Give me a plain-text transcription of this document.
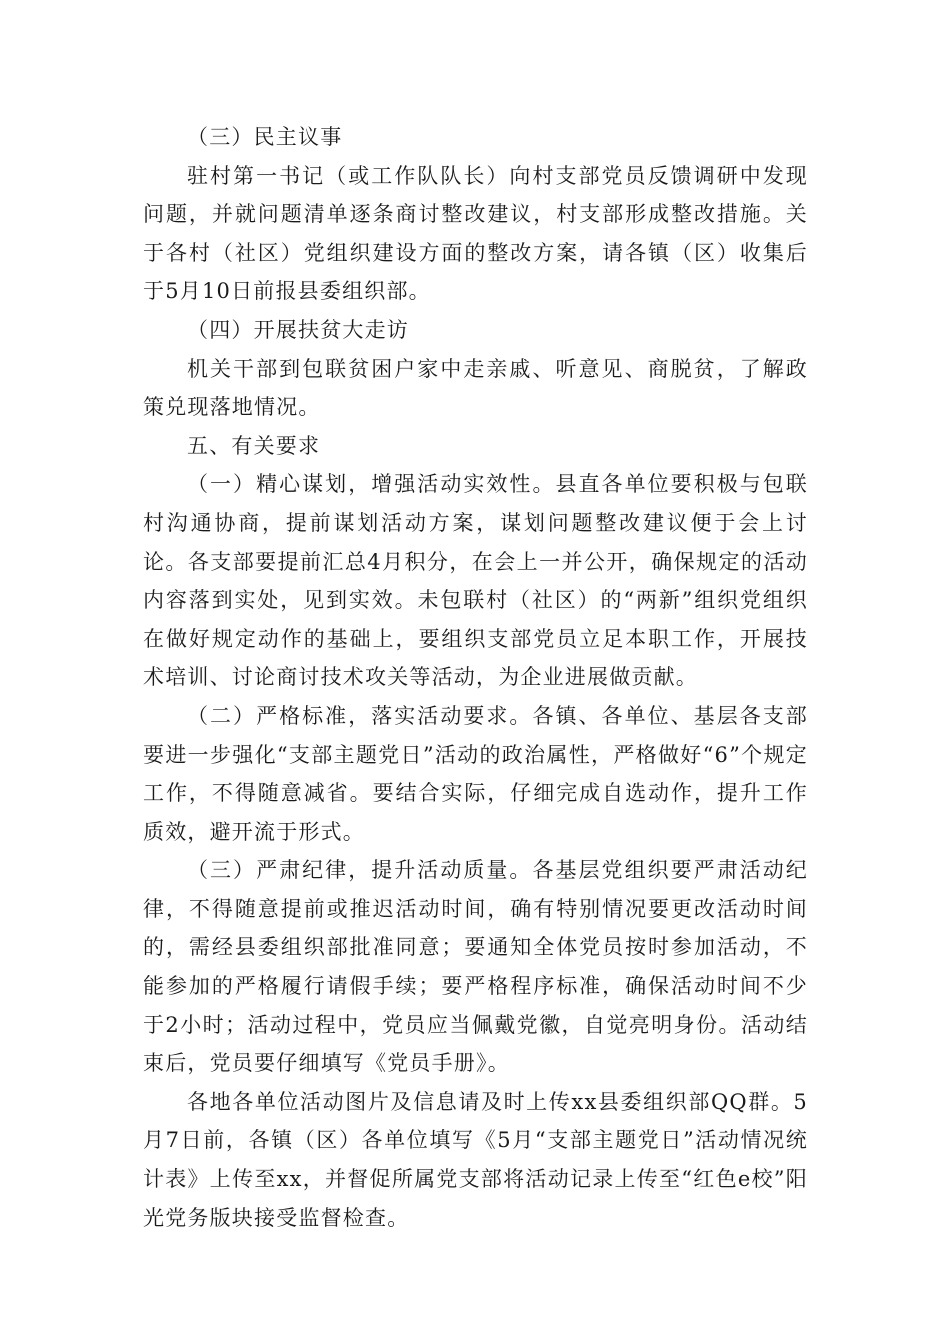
（三）民主议事

驻村第一书记（或工作队队长）向村支部党员反馈调研中发现问题，并就问题清单逐条商讨整改建议，村支部形成整改措施。关于各村（社区）党组织建设方面的整改方案，请各镇（区）收集后于5月10日前报县委组织部。

（四）开展扶贫大走访

机关干部到包联贫困户家中走亲戚、听意见、商脱贫，了解政策兑现落地情况。

五、有关要求

（一）精心谋划，增强活动实效性。县直各单位要积极与包联村沟通协商，提前谋划活动方案，谋划问题整改建议便于会上讨论。各支部要提前汇总4月积分，在会上一并公开，确保规定的活动内容落到实处，见到实效。未包联村（社区）的“两新”组织党组织在做好规定动作的基础上，要组织支部党员立足本职工作，开展技术培训、讨论商讨技术攻关等活动，为企业进展做贡献。

（二）严格标准，落实活动要求。各镇、各单位、基层各支部要进一步强化“支部主题党日”活动的政治属性，严格做好“6”个规定工作，不得随意减省。要结合实际，仔细完成自选动作，提升工作质效，避开流于形式。

（三）严肃纪律，提升活动质量。各基层党组织要严肃活动纪律，不得随意提前或推迟活动时间，确有特别情况要更改活动时间的，需经县委组织部批准同意；要通知全体党员按时参加活动，不能参加的严格履行请假手续；要严格程序标准，确保活动时间不少于2小时；活动过程中，党员应当佩戴党徽，自觉亮明身份。活动结束后，党员要仔细填写《党员手册》。

各地各单位活动图片及信息请及时上传xx县委组织部QQ群。5月7日前，各镇（区）各单位填写《5月“支部主题党日”活动情况统计表》上传至xx，并督促所属党支部将活动记录上传至“红色e校”阳光党务版块接受监督检查。
